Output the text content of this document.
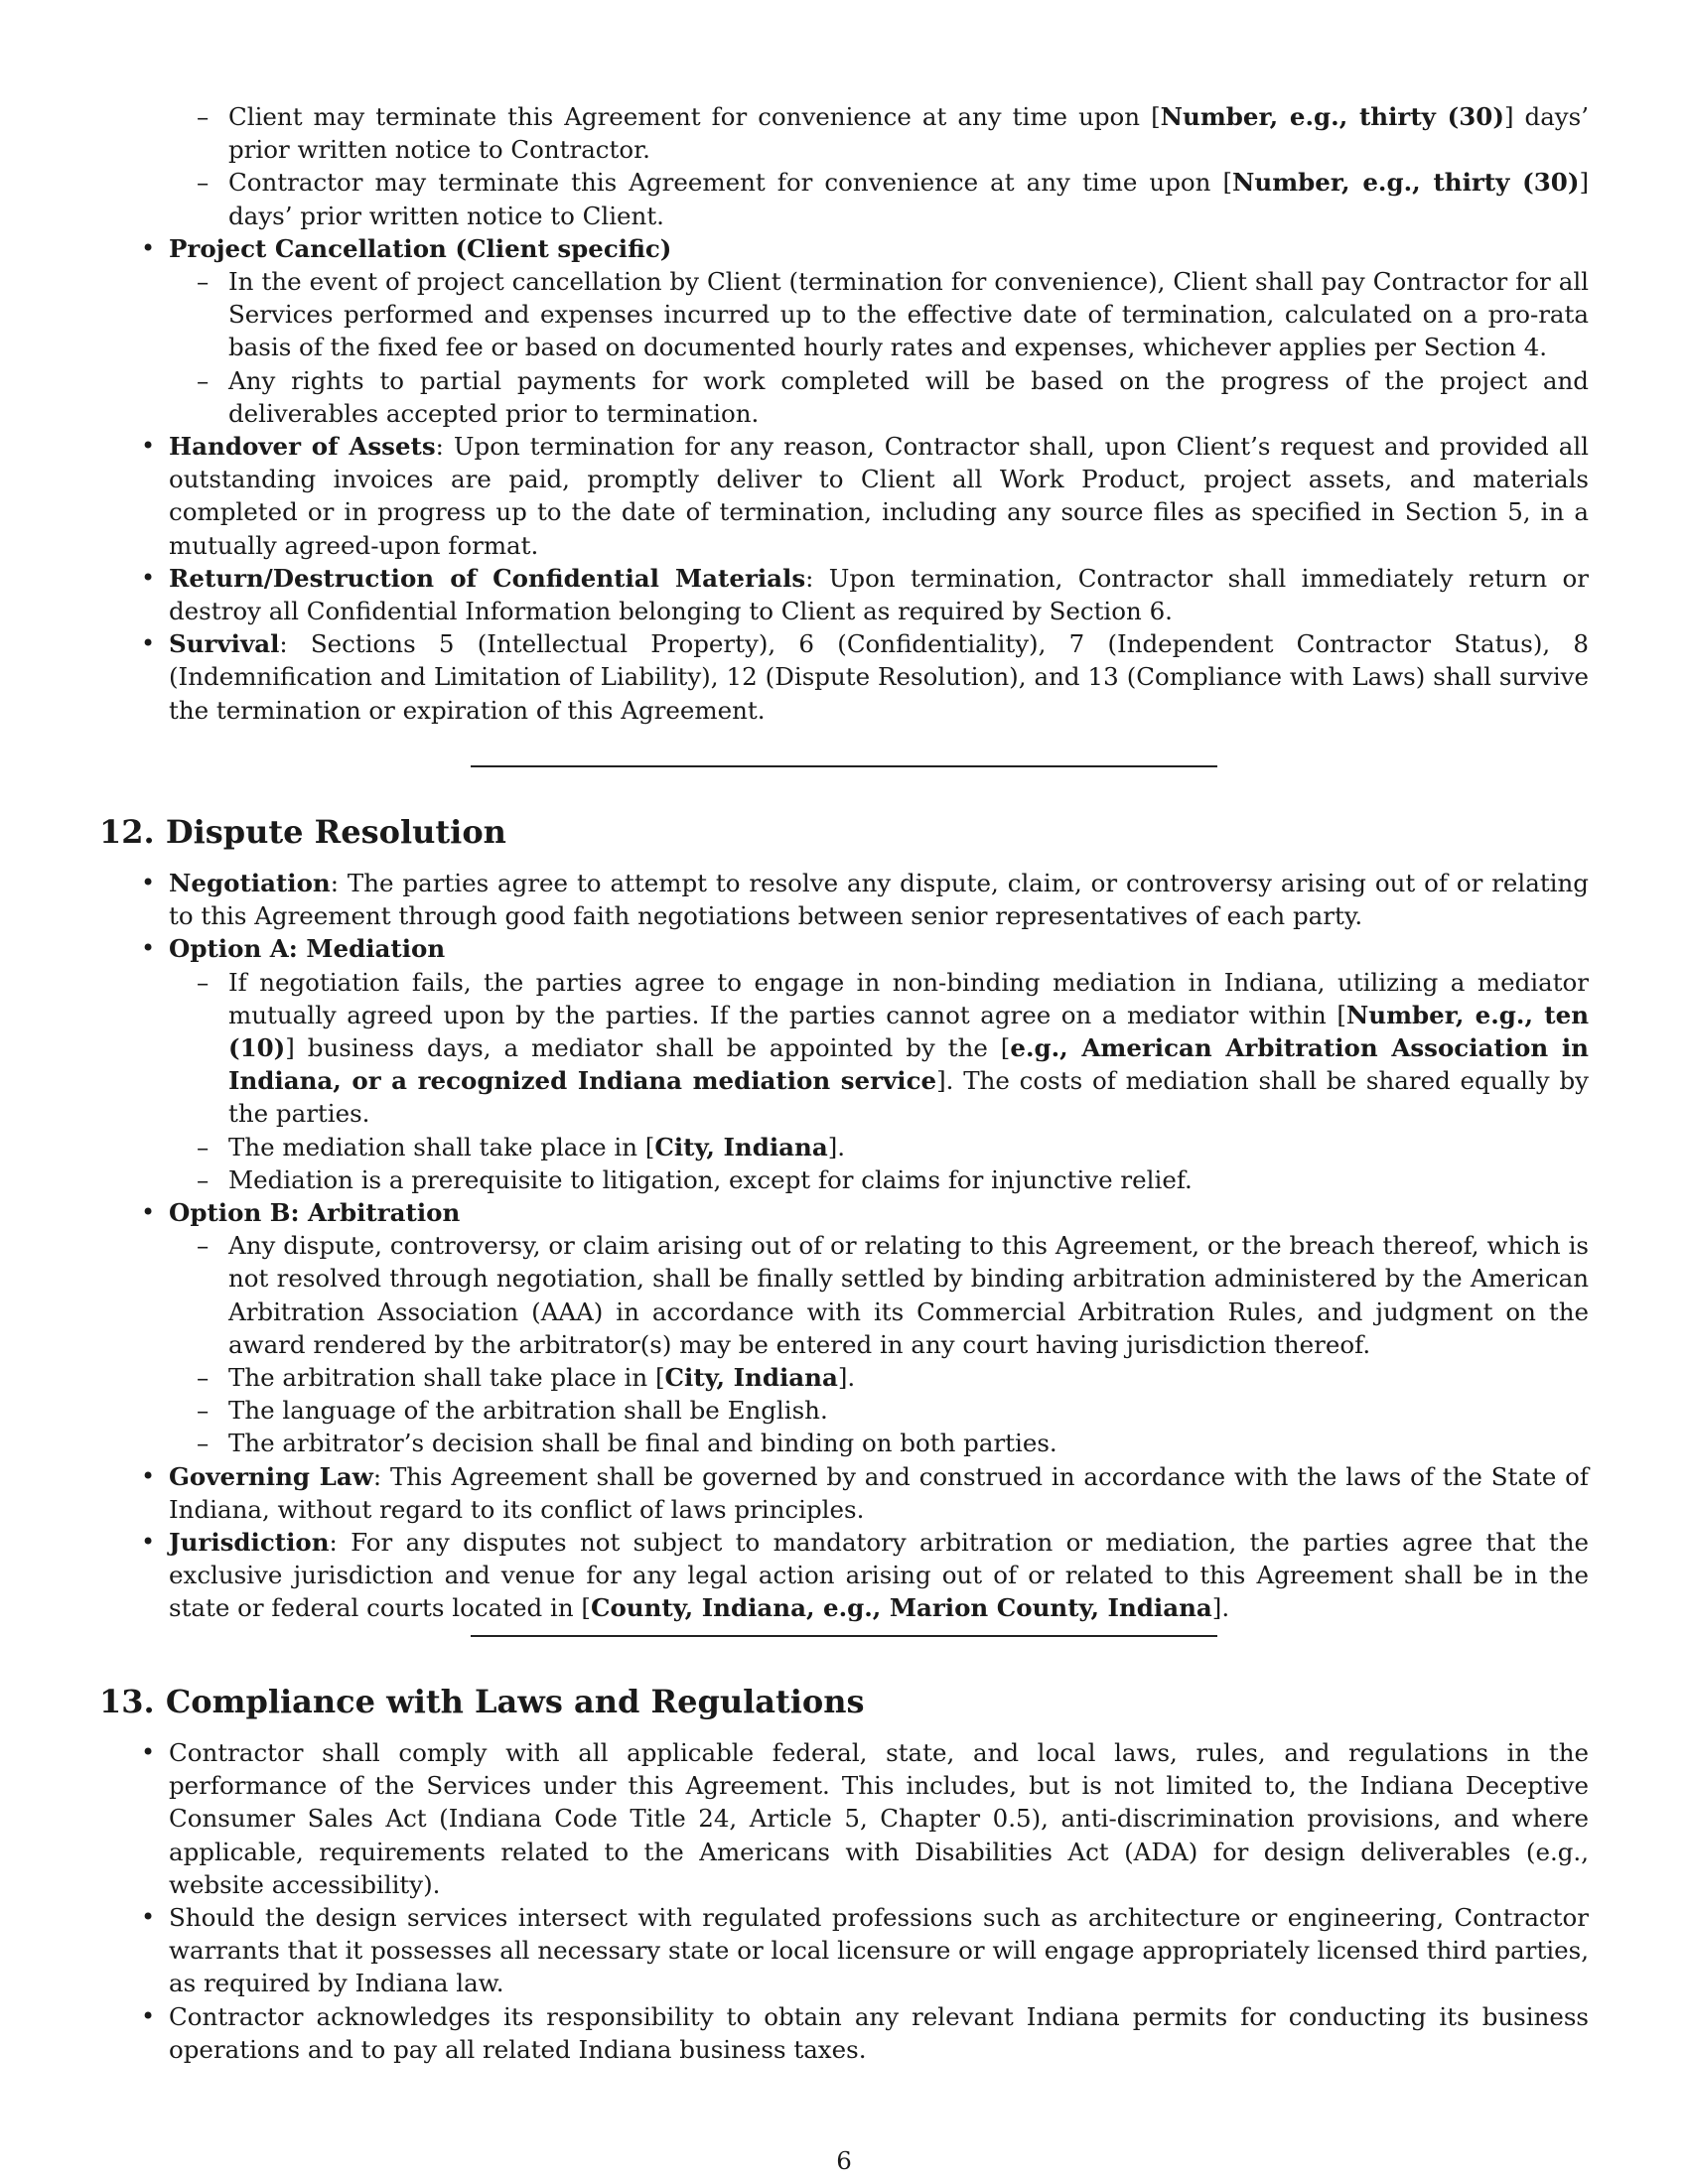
– Client may terminate this Agreement for convenience at any time upon [Number, e.g., thirty (30)] days’ prior written notice to Contractor.
– Contractor may terminate this Agreement for convenience at any time upon [Number, e.g., thirty (30)] days’ prior written notice to Client.
• Project Cancellation (Client specific)
– In the event of project cancellation by Client (termination for convenience), Client shall pay Contractor for all Services performed and expenses incurred up to the effective date of termination, calculated on a pro-rata basis of the fixed fee or based on documented hourly rates and expenses, whichever applies per Section 4.
– Any rights to partial payments for work completed will be based on the progress of the project and deliverables accepted prior to termination.
• Handover of Assets: Upon termination for any reason, Contractor shall, upon Client’s request and provided all outstanding invoices are paid, promptly deliver to Client all Work Product, project assets, and materials completed or in progress up to the date of termination, including any source files as specified in Section 5, in a mutually agreed-upon format.
• Return/Destruction of Confidential Materials: Upon termination, Contractor shall immediately return or destroy all Confidential Information belonging to Client as required by Section 6.
• Survival: Sections 5 (Intellectual Property), 6 (Confidentiality), 7 (Independent Contractor Status), 8 (Indemnification and Limitation of Liability), 12 (Dispute Resolution), and 13 (Compliance with Laws) shall survive the termination or expiration of this Agreement.
12. Dispute Resolution
• Negotiation: The parties agree to attempt to resolve any dispute, claim, or controversy arising out of or relating to this Agreement through good faith negotiations between senior representatives of each party.
• Option A: Mediation
– If negotiation fails, the parties agree to engage in non-binding mediation in Indiana, utilizing a mediator mutually agreed upon by the parties. If the parties cannot agree on a mediator within [Number, e.g., ten (10)] business days, a mediator shall be appointed by the [e.g., American Arbitration Association in Indiana, or a recognized Indiana mediation service]. The costs of mediation shall be shared equally by the parties.
– The mediation shall take place in [City, Indiana].
– Mediation is a prerequisite to litigation, except for claims for injunctive relief.
• Option B: Arbitration
– Any dispute, controversy, or claim arising out of or relating to this Agreement, or the breach thereof, which is not resolved through negotiation, shall be finally settled by binding arbitration administered by the American Arbitration Association (AAA) in accordance with its Commercial Arbitration Rules, and judgment on the award rendered by the arbitrator(s) may be entered in any court having jurisdiction thereof.
– The arbitration shall take place in [City, Indiana].
– The language of the arbitration shall be English.
– The arbitrator’s decision shall be final and binding on both parties.
• Governing Law: This Agreement shall be governed by and construed in accordance with the laws of the State of Indiana, without regard to its conflict of laws principles.
• Jurisdiction: For any disputes not subject to mandatory arbitration or mediation, the parties agree that the exclusive jurisdiction and venue for any legal action arising out of or related to this Agreement shall be in the state or federal courts located in [County, Indiana, e.g., Marion County, Indiana].
13. Compliance with Laws and Regulations
• Contractor shall comply with all applicable federal, state, and local laws, rules, and regulations in the performance of the Services under this Agreement. This includes, but is not limited to, the Indiana Deceptive Consumer Sales Act (Indiana Code Title 24, Article 5, Chapter 0.5), anti-discrimination provisions, and where applicable, requirements related to the Americans with Disabilities Act (ADA) for design deliverables (e.g., website accessibility).
• Should the design services intersect with regulated professions such as architecture or engineering, Contractor warrants that it possesses all necessary state or local licensure or will engage appropriately licensed third parties, as required by Indiana law.
• Contractor acknowledges its responsibility to obtain any relevant Indiana permits for conducting its business operations and to pay all related Indiana business taxes.
6
